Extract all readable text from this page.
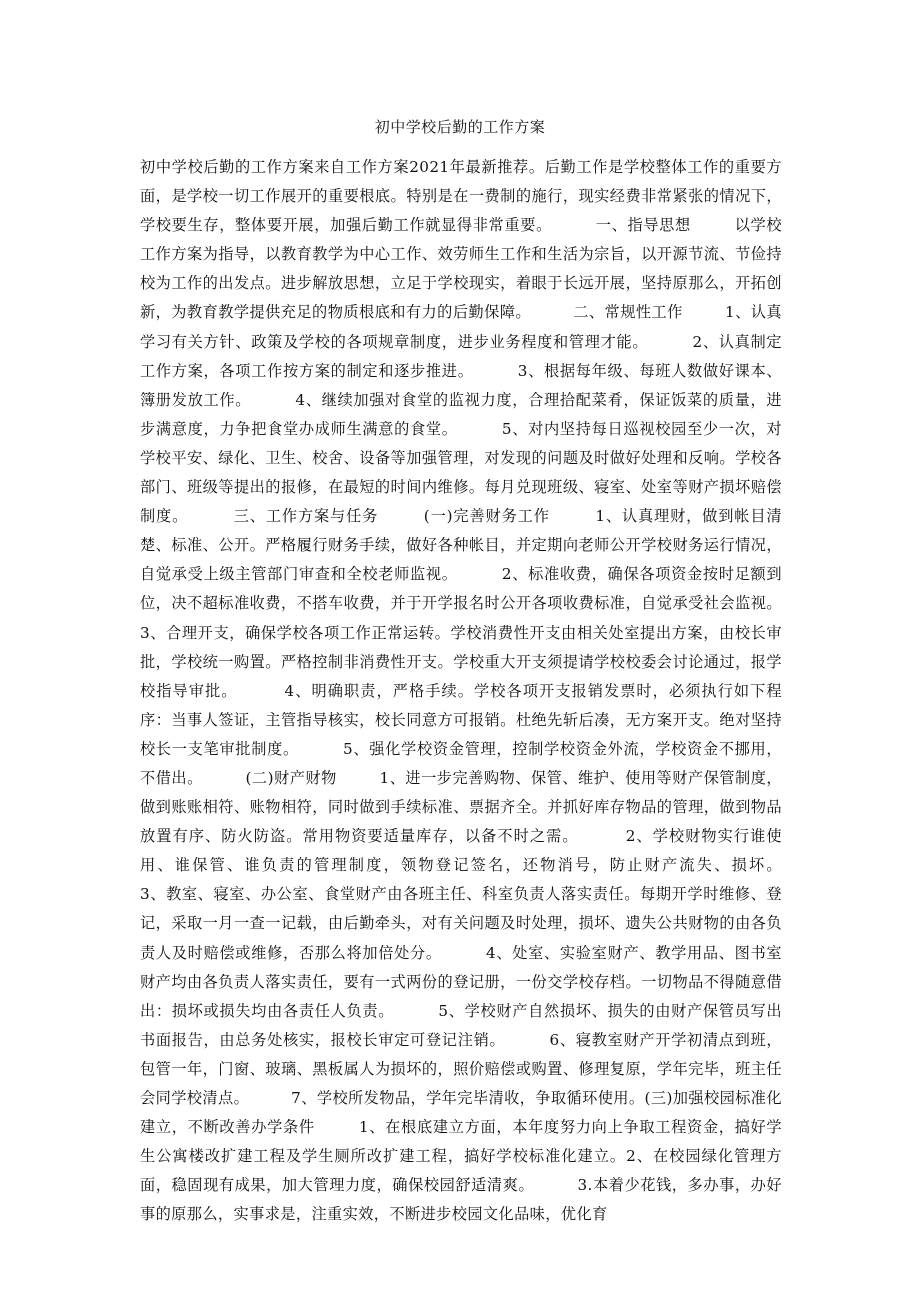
初中学校后勤的工作方案
初中学校后勤的工作方案来自工作方案2021年最新推荐。后勤工作是学校整体工作的重要方面，是学校一切工作展开的重要根底。特别是在一费制的施行，现实经费非常紧张的情况下，学校要生存，整体要开展，加强后勤工作就显得非常重要。        一、指导思想        以学校工作方案为指导，以教育教学为中心工作、效劳师生工作和生活为宗旨，以开源节流、节俭持校为工作的出发点。进步解放思想，立足于学校现实，着眼于长远开展，坚持原那么，开拓创新，为教育教学提供充足的物质根底和有力的后勤保障。        二、常规性工作        1、认真学习有关方针、政策及学校的各项规章制度，进步业务程度和管理才能。        2、认真制定工作方案，各项工作按方案的制定和逐步推进。        3、根据每年级、每班人数做好课本、簿册发放工作。        4、继续加强对食堂的监视力度，合理拾配菜肴，保证饭菜的质量，进步满意度，力争把食堂办成师生满意的食堂。        5、对内坚持每日巡视校园至少一次，对学校平安、绿化、卫生、校舍、设备等加强管理，对发现的问题及时做好处理和反响。学校各部门、班级等提出的报修，在最短的时间内维修。每月兑现班级、寝室、处室等财产损坏赔偿制度。        三、工作方案与任务        (一)完善财务工作        1、认真理财，做到帐目清楚、标准、公开。严格履行财务手续，做好各种帐目，并定期向老师公开学校财务运行情况，自觉承受上级主管部门审查和全校老师监视。        2、标准收费，确保各项资金按时足额到位，决不超标准收费，不搭车收费，并于开学报名时公开各项收费标准，自觉承受社会监视。        3、合理开支，确保学校各项工作正常运转。学校消费性开支由相关处室提出方案，由校长审批，学校统一购置。严格控制非消费性开支。学校重大开支须提请学校校委会讨论通过，报学校指导审批。        4、明确职责，严格手续。学校各项开支报销发票时，必须执行如下程序：当事人签证，主管指导核实，校长同意方可报销。杜绝先斩后凑，无方案开支。绝对坚持校长一支笔审批制度。        5、强化学校资金管理，控制学校资金外流，学校资金不挪用，不借出。        (二)财产财物        1、进一步完善购物、保管、维护、使用等财产保管制度，做到账账相符、账物相符，同时做到手续标准、票据齐全。并抓好库存物品的管理，做到物品放置有序、防火防盗。常用物资要适量库存，以备不时之需。        2、学校财物实行谁使用、谁保管、谁负责的管理制度，领物登记签名，还物消号，防止财产流失、损坏。        3、教室、寝室、办公室、食堂财产由各班主任、科室负责人落实责任。每期开学时维修、登记，采取一月一查一记载，由后勤牵头，对有关问题及时处理，损坏、遗失公共财物的由各负责人及时赔偿或维修，否那么将加倍处分。        4、处室、实验室财产、教学用品、图书室财产均由各负责人落实责任，要有一式两份的登记册，一份交学校存档。一切物品不得随意借出：损坏或损失均由各责任人负责。        5、学校财产自然损坏、损失的由财产保管员写出书面报告，由总务处核实，报校长审定可登记注销。        6、寝教室财产开学初清点到班，包管一年，门窗、玻璃、黑板属人为损坏的，照价赔偿或购置、修理复原，学年完毕，班主任会同学校清点。        7、学校所发物品，学年完毕清收，争取循环使用。(三)加强校园标准化建立，不断改善办学条件        1、在根底建立方面，本年度努力向上争取工程资金，搞好学生公寓楼改扩建工程及学生厕所改扩建工程，搞好学校标准化建立。2、在校园绿化管理方面，稳固现有成果，加大管理力度，确保校园舒适清爽。        3.本着少花钱，多办事，办好事的原那么，实事求是，注重实效，不断进步校园文化品味，优化育
